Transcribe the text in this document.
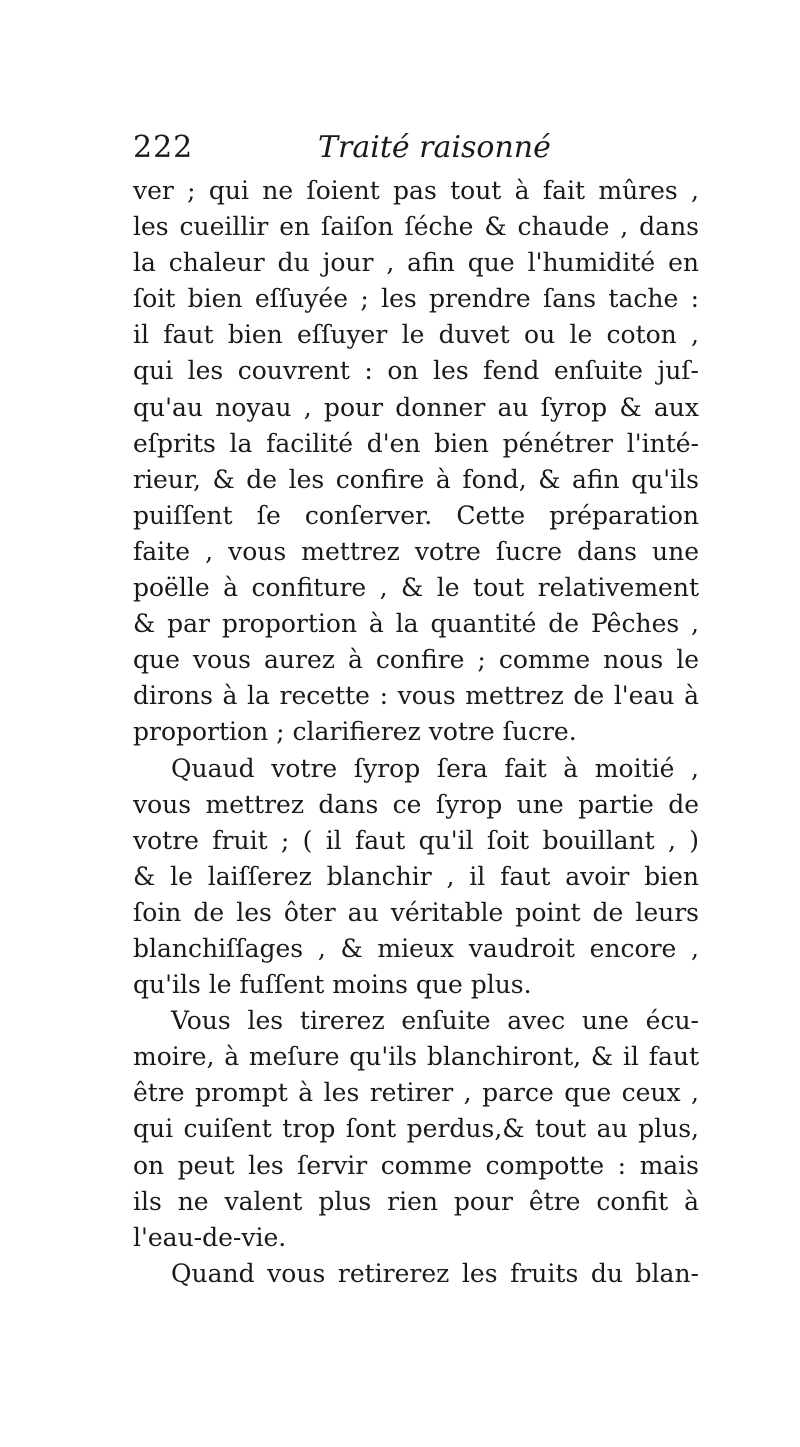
222	Traité raisonné
ver ; qui ne ſoient pas tout à fait mûres ,
les cueillir en ſaiſon ſéche & chaude , dans
la chaleur du jour , afin que l'humidité en
ſoit bien eſſuyée ; les prendre ſans tache :
il faut bien eſſuyer le duvet ou le coton ,
qui les couvrent : on les fend enſuite juſ-
qu'au noyau , pour donner au ſyrop & aux
eſprits la facilité d'en bien pénétrer l'inté-
rieur, & de les confire à fond, & afin qu'ils
puiſſent ſe conſerver. Cette préparation
faite , vous mettrez votre ſucre dans une
poëlle à confiture , & le tout relativement
& par proportion à la quantité de Pêches ,
que vous aurez à confire ; comme nous le
dirons à la recette : vous mettrez de l'eau à
proportion ; clarifierez votre ſucre.
Quaud votre ſyrop ſera fait à moitié ,
vous mettrez dans ce ſyrop une partie de
votre fruit ; ( il faut qu'il ſoit bouillant , )
& le laiſſerez blanchir , il faut avoir bien
ſoin de les ôter au véritable point de leurs
blanchiſſages , & mieux vaudroit encore ,
qu'ils le fuſſent moins que plus.
Vous les tirerez enſuite avec une écu-
moire, à meſure qu'ils blanchiront, & il faut
être prompt à les retirer , parce que ceux ,
qui cuiſent trop ſont perdus,& tout au plus,
on peut les ſervir comme compotte : mais
ils ne valent plus rien pour être confit à
l'eau-de-vie.
Quand vous retirerez les fruits du blan-
